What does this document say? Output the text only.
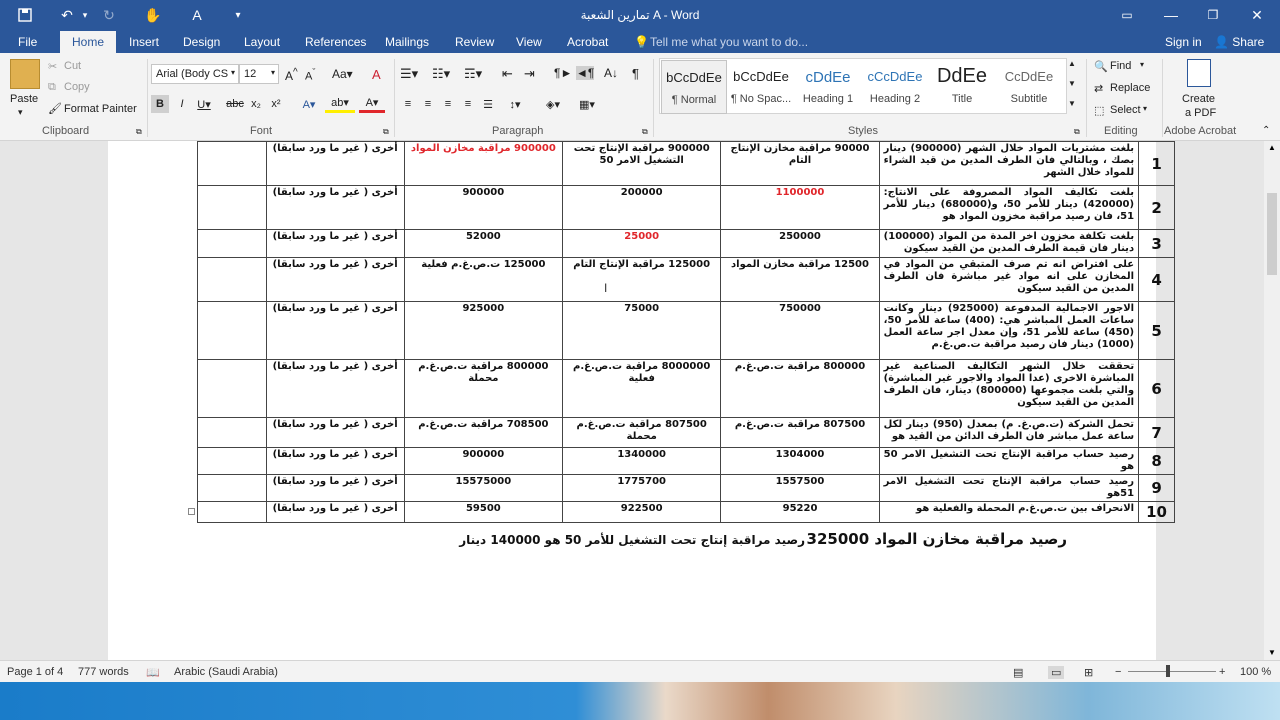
↶	▾	↻	✋	A	▾	تمارين الشعبة A - Word	▭	—	❐	✕
File	Home	Insert Design Layout References Mailings Review View Acrobat 💡 Tell me what you want to do...	Sign in 👤 Share
Paste
▾
✂ Cut
⧉ Copy
🖌 Format Painter
Clipboard	⧉
Arial (Body CS ▾ 12 ▾ A^ $A^ˇ$ Aa▾ A
B	I	U▾	abc x₂ x²	A▾	ab▾	A▾
Font	⧉
☰▾ ☷▾ ☶▾ ⇤ ⇥ ¶► ◄¶ A↓ ¶
≡	≡	≡	≡	☰	↕▾	◈▾	▦▾
Paragraph	⧉
bCcDdEe
¶ Normal
bCcDdEe
¶ No Spac...
cDdEe
Heading 1
cCcDdEe
Heading 2
DdEe
Title
CcDdEe
Subtitle
▲
▼
▼
Styles	⧉
🔍 Find ▾
⇄ Replace
⬚ Select ▾
Editing
Create
a PDF
Adobe Acrobat	⌃
1	بلغت مشتريات المواد خلال الشهر (900000) دينار بصك ، وبالتالي فان الطرف المدين من قيد الشراء للمواد خلال الشهر	90000 مراقبة مخازن الإنتاج التام	900000 مراقبة الإنتاج تحت التشغيل الامر 50	900000 مراقبة مخازن المواد	أخرى ( غير ما ورد سابقا)	
2	بلغت تكاليف المواد المصروفة على الانتاج: (420000) دينار للأمر 50، و(680000) دينار للأمر 51، فان رصيد مراقبة مخزون المواد هو	1100000	200000	900000	أخرى ( غير ما ورد سابقا)	
3	بلغت تكلفة مخزون اخر المدة من المواد (100000) دينار فان قيمة الطرف المدين من القيد سيكون	250000	25000	52000	أخرى ( غير ما ورد سابقا)	
4	على افتراض انه تم صرف المتبقي من المواد في المخازن على انه مواد غير مباشرة فان الطرف المدين من القيد سيكون	12500 مراقبة مخازن المواد	125000 مراقبة الإنتاج التام	125000 ت.ص.غ.م فعلية	أخرى ( غير ما ورد سابقا)	
5	الاجور الاجمالية المدفوعة (925000) دينار وكانت ساعات العمل المباشر هي: (400) ساعة للأمر 50، (450) ساعة للأمر 51، وإن معدل اجر ساعة العمل (1000) دينار فان رصيد مراقبة ت.ص.غ.م	750000	75000	925000	أخرى ( غير ما ورد سابقا)	
6	تحققت خلال الشهر التكاليف الصناعية غير المباشرة الاخرى (عدا المواد والاجور غير المباشرة) والتي بلغت مجموعها (800000) دينار، فان الطرف المدين من القيد سيكون	800000 مراقبة ت.ص.غ.م	8000000 مراقبة ت.ص.غ.م فعلية	800000 مراقبة ت.ص.غ.م محملة	أخرى ( غير ما ورد سابقا)	
7	تحمل الشركة (ت.ص.غ. م) بمعدل (950) دينار لكل ساعة عمل مباشر فان الطرف الدائن من القيد هو	807500 مراقبة ت.ص.غ.م	807500 مراقبة ت.ص.غ.م محملة	708500 مراقبة ت.ص.غ.م	أخرى ( غير ما ورد سابقا)	
8	رصيد حساب مراقبة الإنتاج تحت التشغيل الامر 50 هو	1304000	1340000	900000	أخرى ( غير ما ورد سابقا)	
9	رصيد حساب مراقبة الإنتاج تحت التشغيل الامر 51هو	1557500	1775700	15575000	أخرى ( غير ما ورد سابقا)	
10	الانحراف بين ت.ص.غ.م المحملة والفعلية هو	95220	922500	59500	أخرى ( غير ما ورد سابقا)	
رصيد مراقبة مخازن المواد 325000
رصيد مراقبة إنتاج تحت التشغيل للأمر 50 هو 140000 دينار
I
▲
▼
Page 1 of 4 777 words 📖 Arabic (Saudi Arabia)	▤	▭ ⊞ −	+ 100 %
